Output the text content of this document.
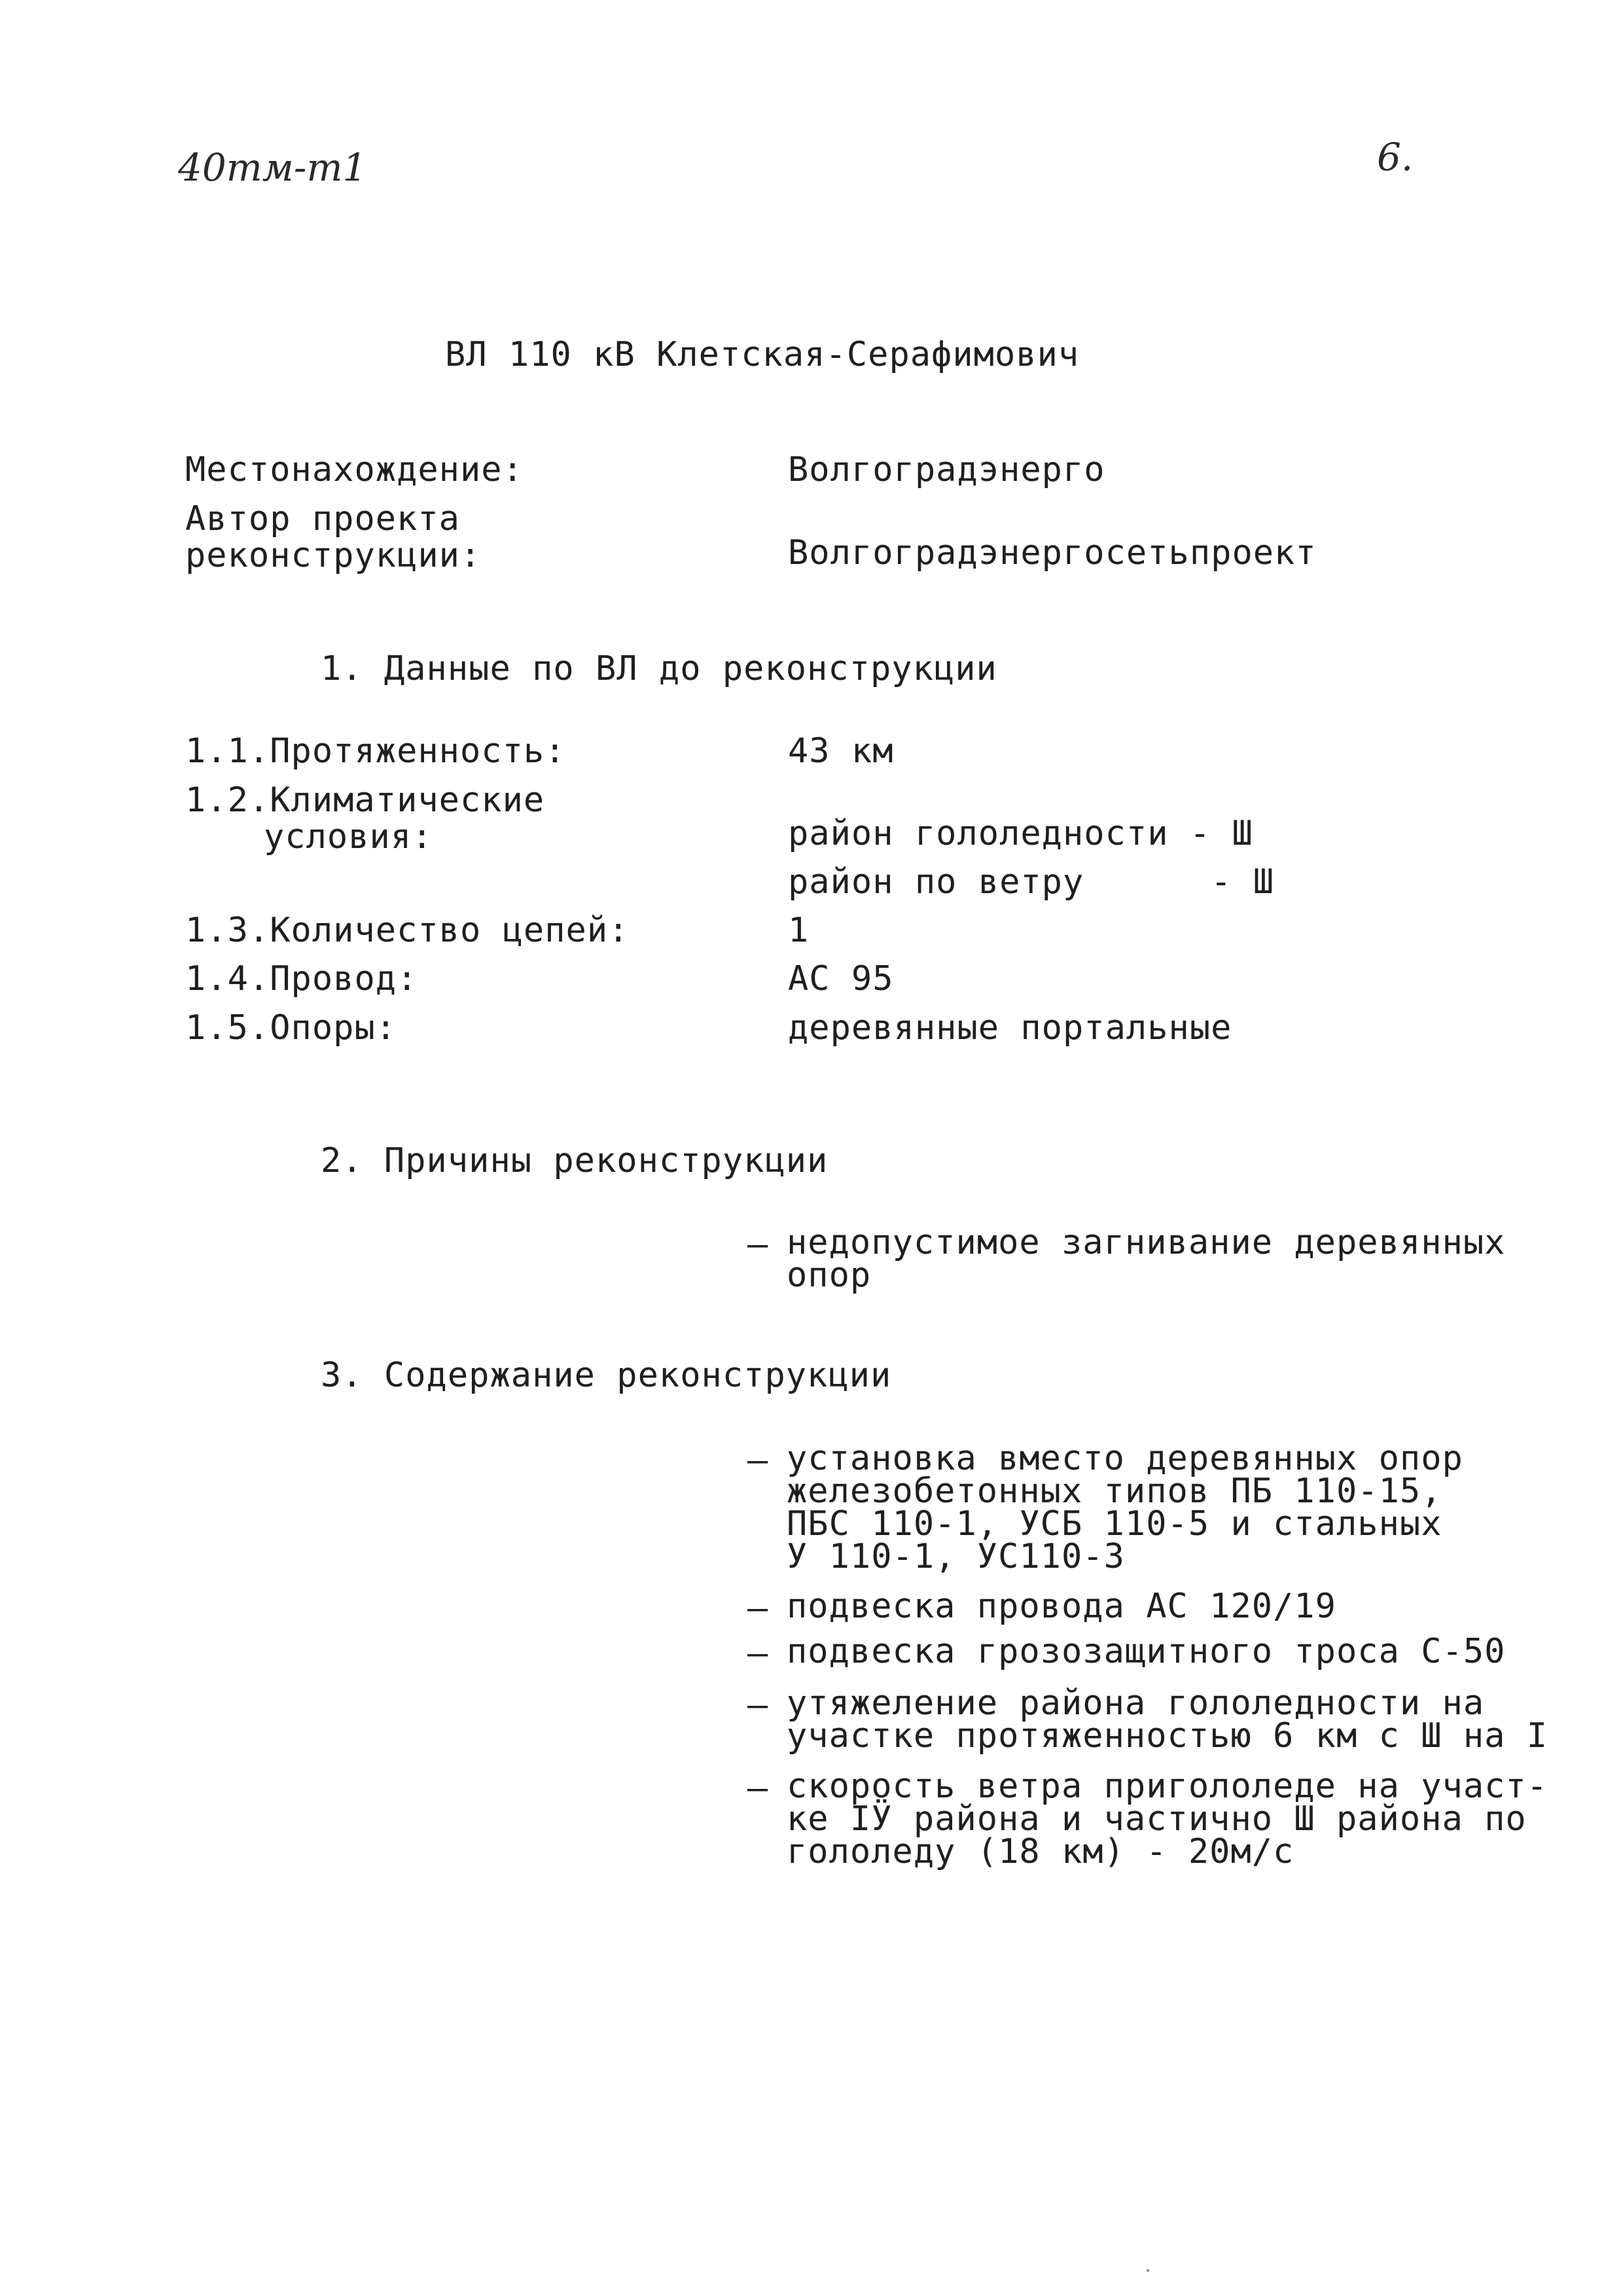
40тм-т1	6.
ВЛ 110 кВ Клетская-Серафимович
Местонахождение:	Волгоградэнерго
Автор проекта
реконструкции:	Волгоградэнергосетьпроект
1. Данные по ВЛ до реконструкции
1.1.Протяженность:	43 км
1.2.Климатические
условия:	район гололедности - Ш
район по ветру      - Ш
1.3.Количество цепей:	1
1.4.Провод:	АС 95
1.5.Опоры:	деревянные портальные
2. Причины реконструкции
– недопустимое загнивание деревянных
опор
3. Содержание реконструкции
– установка вместо деревянных опор
железобетонных типов ПБ 110-15,
ПБС 110-1, УСБ 110-5 и стальных
У 110-1, УС110-3
– подвеска провода АС 120/19
– подвеска грозозащитного троса С-50
– утяжеление района гололедности на
участке протяженностью 6 км с Ш на І
– скорость ветра пригололеде на участ-
ке ІӰ района и частично Ш района по
гололеду (18 км) - 20м/с
